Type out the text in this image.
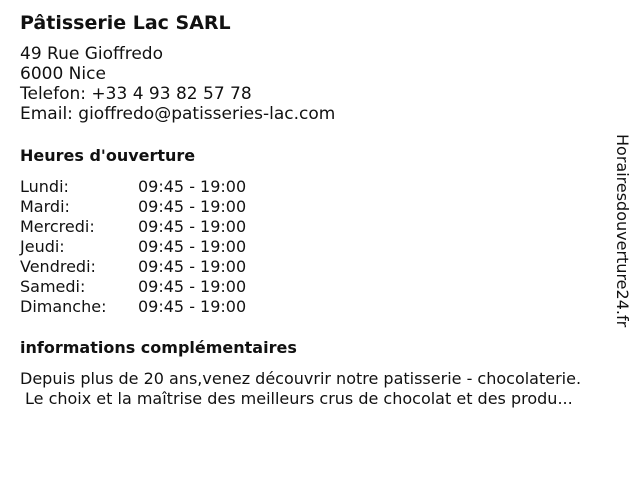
Pâtisserie Lac SARL
49 Rue Gioffredo
6000 Nice
Telefon: +33 4 93 82 57 78
Email: gioffredo@patisseries-lac.com
Heures d'ouverture
Lundi:	09:45 - 19:00
Mardi:	09:45 - 19:00
Mercredi:	09:45 - 19:00
Jeudi:	09:45 - 19:00
Vendredi:	09:45 - 19:00
Samedi:	09:45 - 19:00
Dimanche:	09:45 - 19:00
informations complémentaires
Depuis plus de 20 ans,venez découvrir notre patisserie - chocolaterie.
Le choix et la maîtrise des meilleurs crus de chocolat et des produ...
Horairesdouverture24.fr
